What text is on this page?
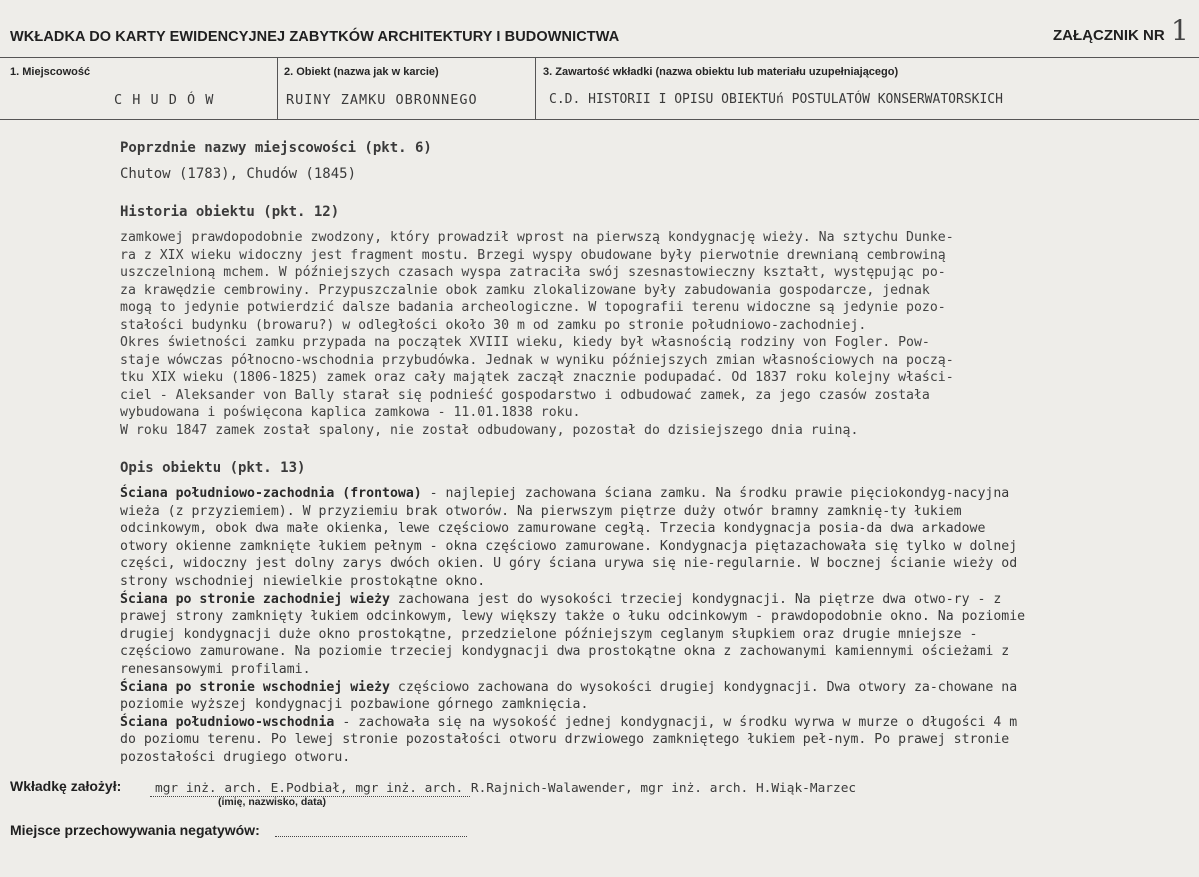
WKŁADKA DO KARTY EWIDENCYJNEJ ZABYTKÓW ARCHITEKTURY I BUDOWNICTWA	ZAŁĄCZNIK NR 1
1. Miejscowość
C H U D Ó W
2. Obiekt (nazwa jak w karcie)
RUINY ZAMKU OBRONNEGO
3. Zawartość wkładki (nazwa obiektu lub materiału uzupełniającego)
C.D. HISTORII I OPISU OBIEKTUń POSTULATÓW KONSERWATORSKICH
Poprzdnie nazwy miejscowości (pkt. 6)
Chutow (1783), Chudów (1845)
Historia obiektu (pkt. 12)
zamkowej prawdopodobnie zwodzony, który prowadził wprost na pierwszą kondygnację wieży. Na sztychu Dunke-
ra z XIX wieku widoczny jest fragment mostu. Brzegi wyspy obudowane były pierwotnie drewnianą cembrowiną
uszczelnioną mchem. W późniejszych czasach wyspa zatraciła swój szesnastowieczny kształt, występując po-
za krawędzie cembrowiny. Przypuszczalnie obok zamku zlokalizowane były zabudowania gospodarcze, jednak
mogą to jedynie potwierdzić dalsze badania archeologiczne. W topografii terenu widoczne są jedynie pozo-
stałości budynku (browaru?) w odległości około 30 m od zamku po stronie południowo-zachodniej.
Okres świetności zamku przypada na początek XVIII wieku, kiedy był własnością rodziny von Fogler. Pow-
staje wówczas północno-wschodnia przybudówka. Jednak w wyniku późniejszych zmian własnościowych na począ-
tku XIX wieku (1806-1825) zamek oraz cały majątek zaczął znacznie podupadać. Od 1837 roku kolejny właści-
ciel - Aleksander von Bally starał się podnieść gospodarstwo i odbudować zamek, za jego czasów została
wybudowana i poświęcona kaplica zamkowa - 11.01.1838 roku.
W roku 1847 zamek został spalony, nie został odbudowany, pozostał do dzisiejszego dnia ruiną.
Opis obiektu (pkt. 13)

Ściana południowo-zachodnia (frontowa) - najlepiej zachowana ściana zamku. Na środku prawie pięciokondyg-nacyjna wieża (z przyziemiem). W przyziemiu brak otworów. Na pierwszym piętrze duży otwór bramny zamknię-ty łukiem odcinkowym, obok dwa małe okienka, lewe częściowo zamurowane cegłą. Trzecia kondygnacja posia-da dwa arkadowe otwory okienne zamknięte łukiem pełnym - okna częściowo zamurowane. Kondygnacja piętazachowała się tylko w dolnej części, widoczny jest dolny zarys dwóch okien. U góry ściana urywa się nie-regularnie. W bocznej ścianie wieży od strony wschodniej niewielkie prostokątne okno.

Ściana po stronie zachodniej wieży zachowana jest do wysokości trzeciej kondygnacji. Na piętrze dwa otwo-ry - z prawej strony zamknięty łukiem odcinkowym, lewy większy także o łuku odcinkowym - prawdopodobnie okno. Na poziomie drugiej kondygnacji duże okno prostokątne, przedzielone późniejszym ceglanym słupkiem oraz drugie mniejsze - częściowo zamurowane. Na poziomie trzeciej kondygnacji dwa prostokątne okna z zachowanymi kamiennymi ościeżami z renesansowymi profilami.

Ściana po stronie wschodniej wieży częściowo zachowana do wysokości drugiej kondygnacji. Dwa otwory za-chowane na poziomie wyższej kondygnacji pozbawione górnego zamknięcia.

Ściana południowo-wschodnia - zachowała się na wysokość jednej kondygnacji, w środku wyrwa w murze o długości 4 m do poziomu terenu. Po lewej stronie pozostałości otworu drzwiowego zamkniętego łukiem peł-nym. Po prawej stronie pozostałości drugiego otworu.

Wkładkę założył:	mgr inż. arch. E.Podbiał, mgr inż. arch. R.Rajnich-Walawender, mgr inż. arch. H.Wiąk-Marzec
(imię, nazwisko, data)
Miejsce przechowywania negatywów:
